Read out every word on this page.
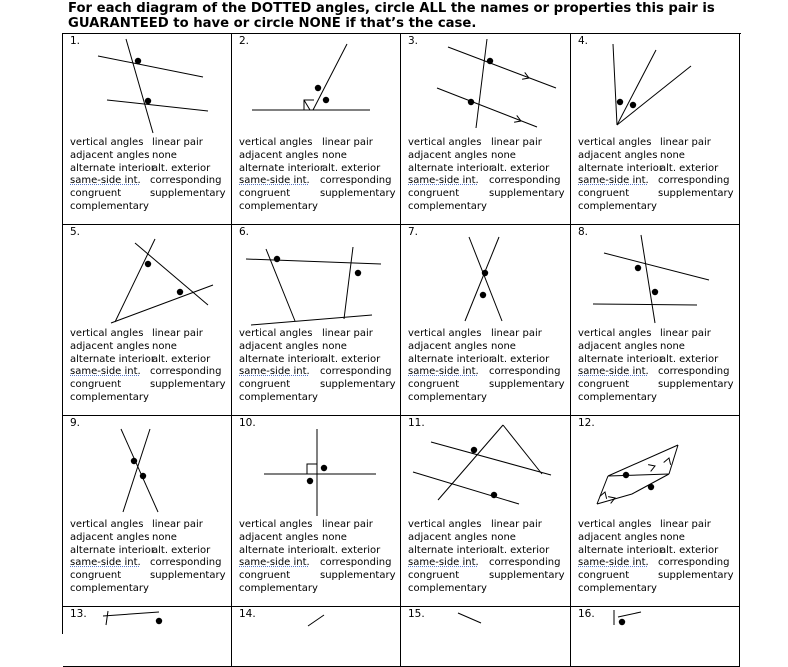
For each diagram of the DOTTED angles, circle ALL the names or properties this pair is
GUARANTEED to have or circle NONE if that’s the case.
1.
vertical angles linear pair
adjacent angles none
alternate interior
alt. exterior
same-side int. corresponding
congruent	supplementary
complementary
2.
vertical angles linear pair
adjacent angles none
alternate interior
alt. exterior
same-side int. corresponding
congruent	supplementary
complementary
3.
vertical angles linear pair
adjacent angles none
alternate interior
alt. exterior
same-side int. corresponding
congruent	supplementary
complementary
4.
vertical angles linear pair
adjacent angles none
alternate interior
alt. exterior
same-side int. corresponding
congruent	supplementary
complementary
5.
vertical angles linear pair
adjacent angles none
alternate interior
alt. exterior
same-side int. corresponding
congruent	supplementary
complementary
6.
vertical angles linear pair
adjacent angles none
alternate interior
alt. exterior
same-side int. corresponding
congruent	supplementary
complementary
7.
vertical angles linear pair
adjacent angles none
alternate interior
alt. exterior
same-side int. corresponding
congruent	supplementary
complementary
8.
vertical angles linear pair
adjacent angles none
alternate interior
alt. exterior
same-side int. corresponding
congruent	supplementary
complementary
9.
vertical angles linear pair
adjacent angles none
alternate interior
alt. exterior
same-side int. corresponding
congruent	supplementary
complementary
10.
vertical angles linear pair
adjacent angles none
alternate interior
alt. exterior
same-side int. corresponding
congruent	supplementary
complementary
11.
vertical angles linear pair
adjacent angles none
alternate interior
alt. exterior
same-side int. corresponding
congruent	supplementary
complementary
12.
vertical angles linear pair
adjacent angles none
alternate interior
alt. exterior
same-side int. corresponding
congruent	supplementary
complementary
13.	14.	15.	16.
